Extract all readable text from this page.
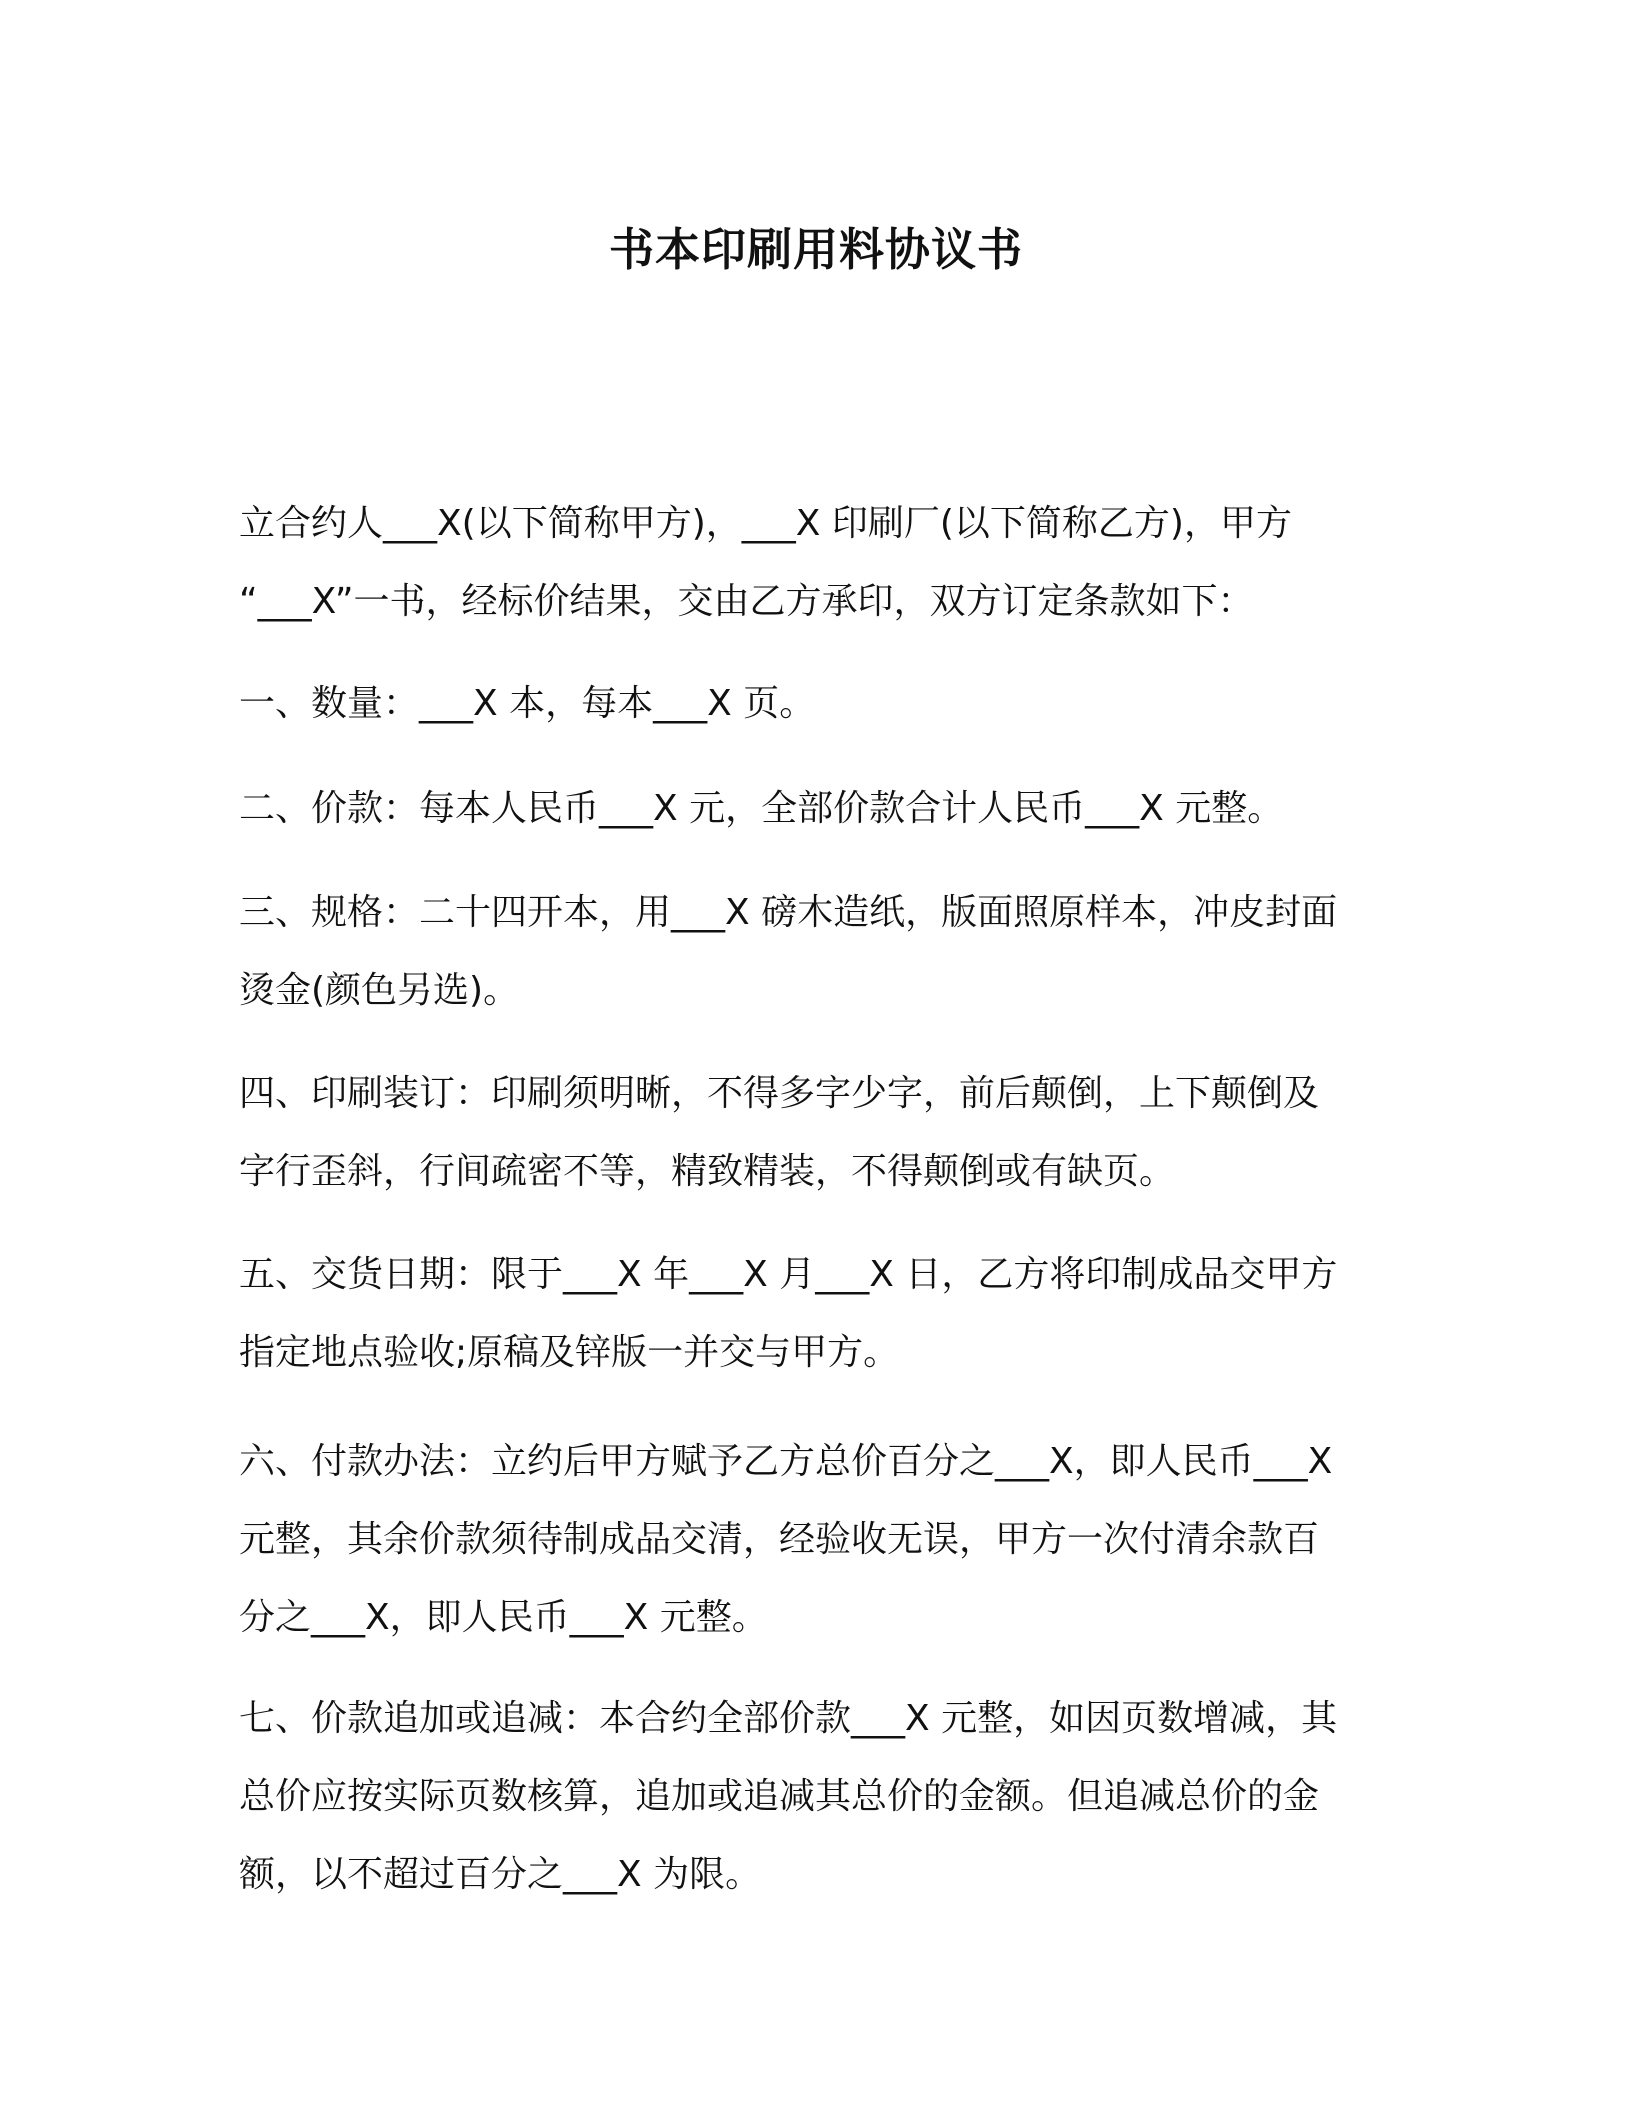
书本印刷用料协议书
立合约人___X(以下简称甲方)，___X 印刷厂(以下简称乙方)，甲方
“___X”一书，经标价结果，交由乙方承印，双方订定条款如下：
一、数量：___X 本，每本___X 页。
二、价款：每本人民币___X 元，全部价款合计人民币___X 元整。
三、规格：二十四开本，用___X 磅木造纸，版面照原样本，冲皮封面
烫金(颜色另选)。
四、印刷装订：印刷须明晰，不得多字少字，前后颠倒，上下颠倒及
字行歪斜，行间疏密不等，精致精装，不得颠倒或有缺页。
五、交货日期：限于___X 年___X 月___X 日，乙方将印制成品交甲方
指定地点验收;原稿及锌版一并交与甲方。
六、付款办法：立约后甲方赋予乙方总价百分之___X，即人民币___X
元整，其余价款须待制成品交清，经验收无误，甲方一次付清余款百
分之___X，即人民币___X 元整。
七、价款追加或追减：本合约全部价款___X 元整，如因页数增减，其
总价应按实际页数核算，追加或追减其总价的金额。但追减总价的金
额，以不超过百分之___X 为限。
